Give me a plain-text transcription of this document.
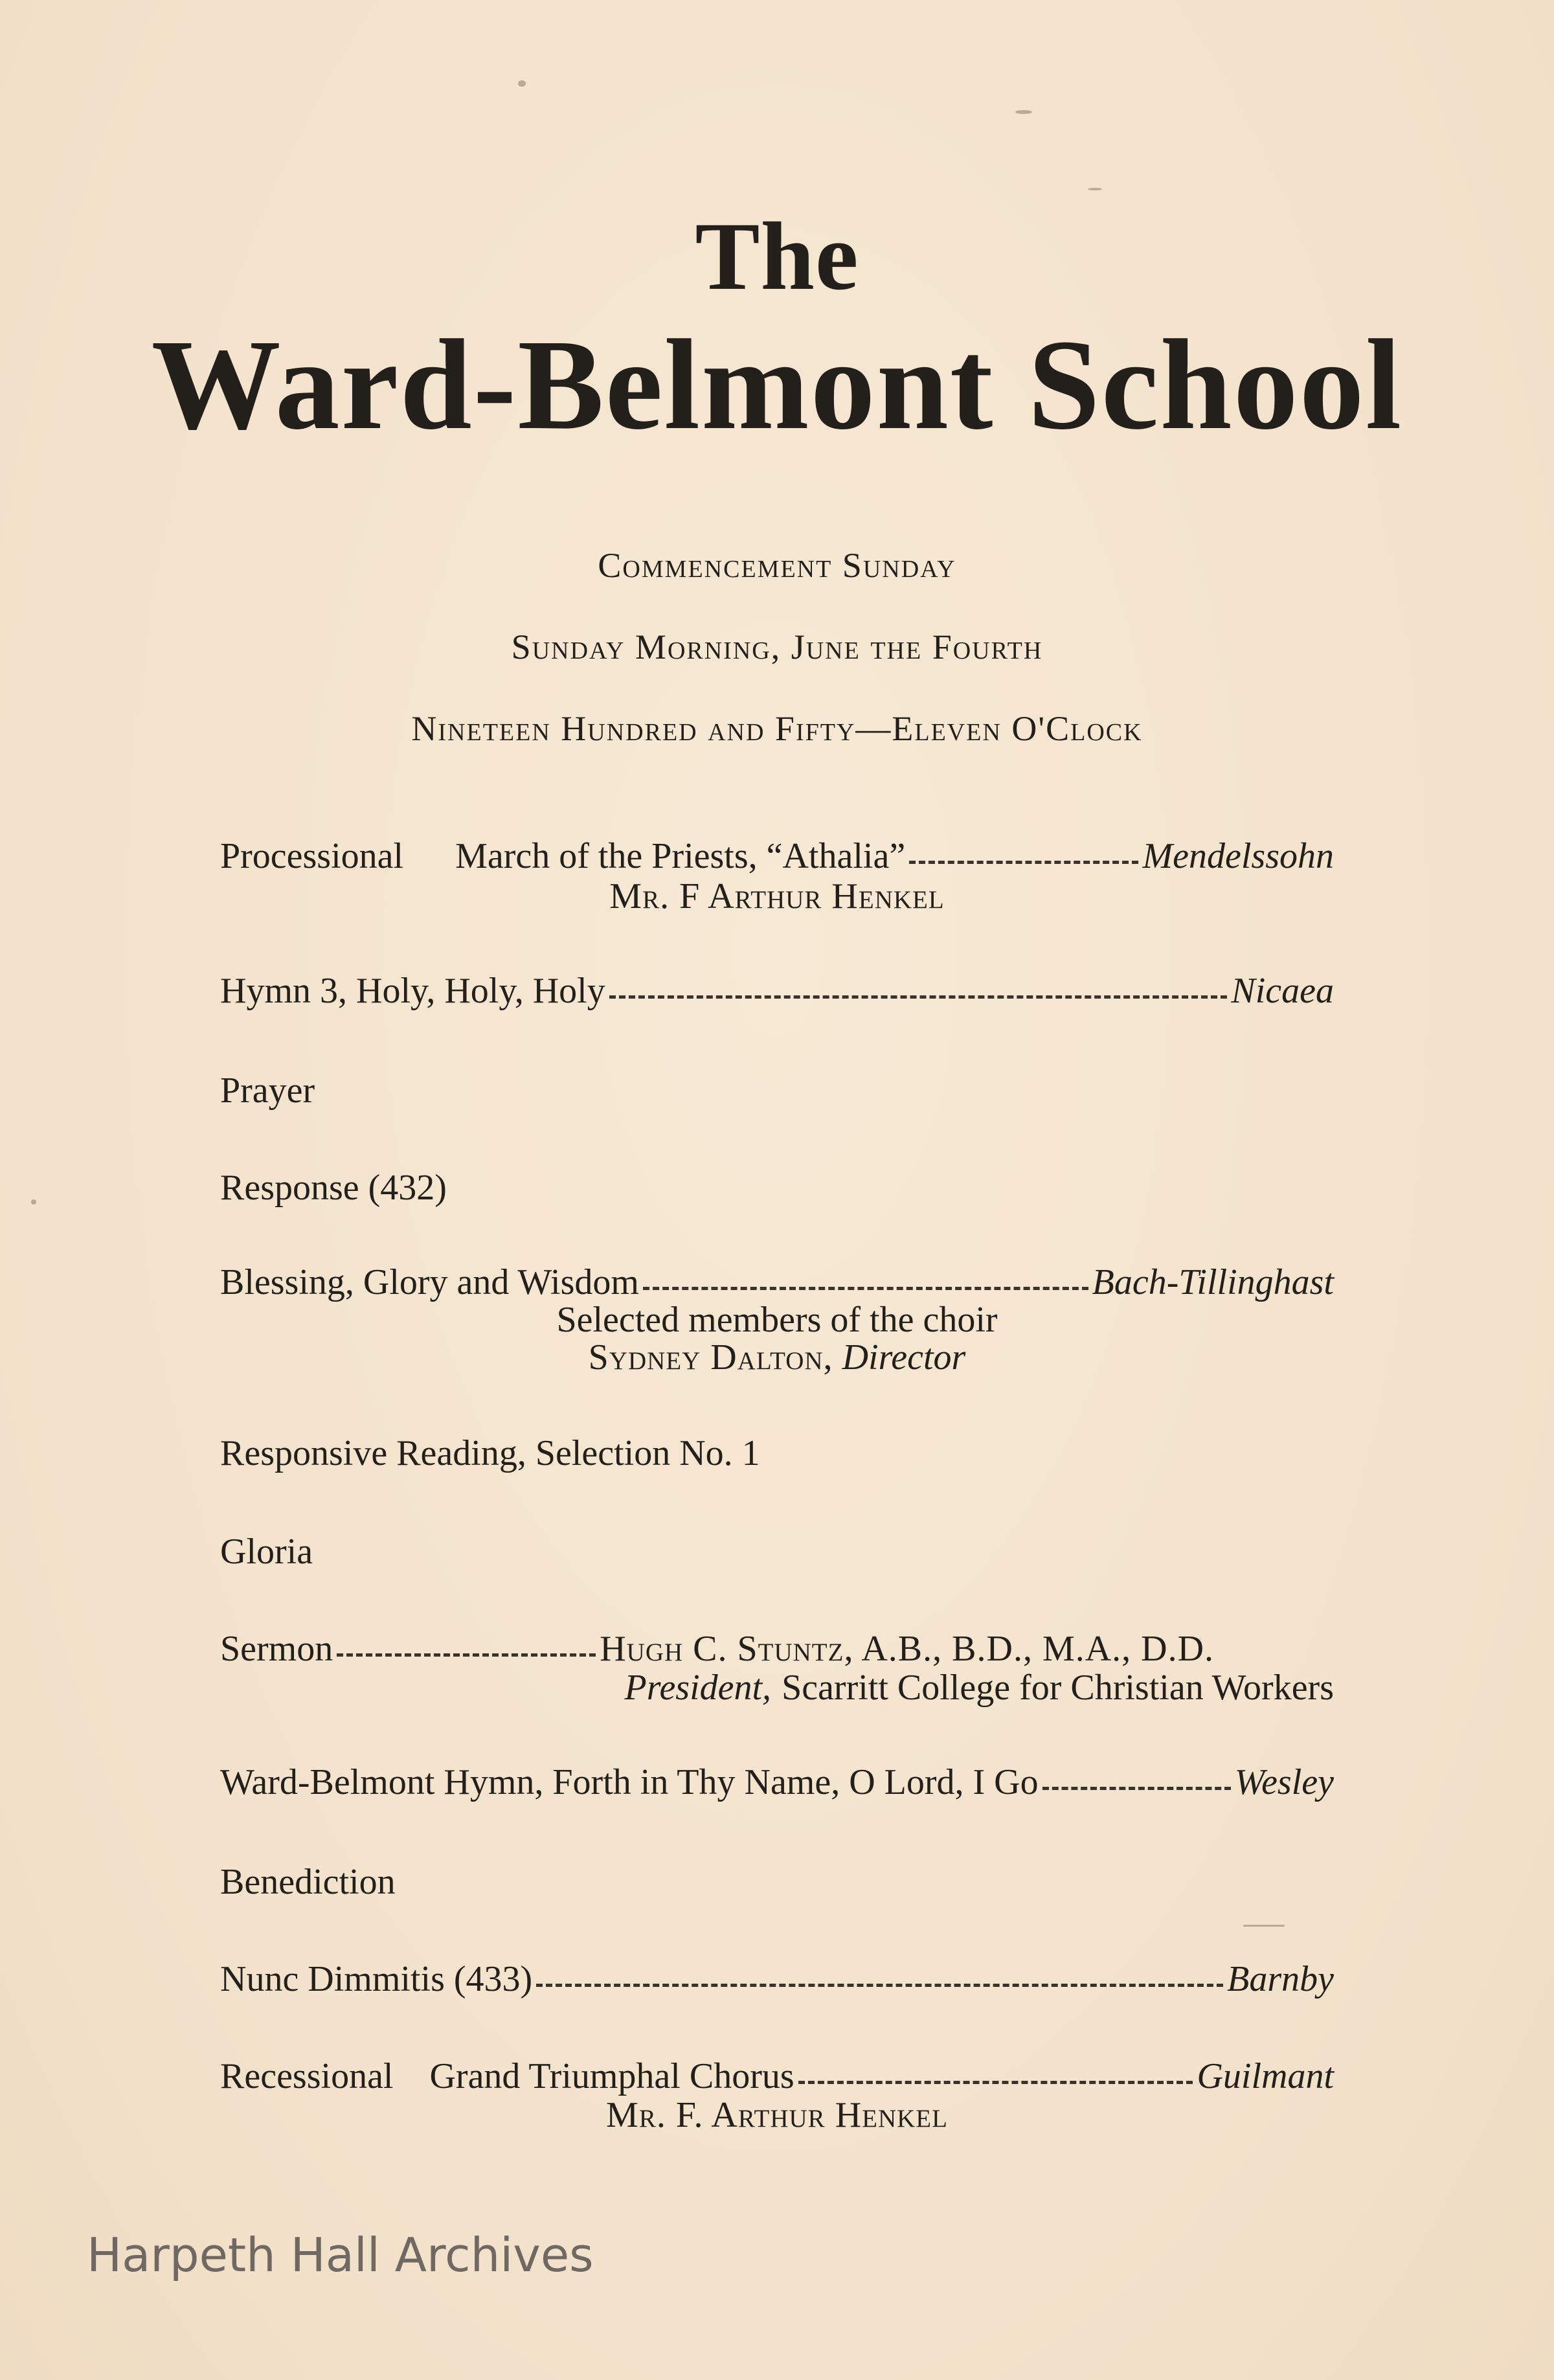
The
Ward-Belmont School
Commencement Sunday
Sunday Morning, June the Fourth
Nineteen Hundred and Fifty—Eleven O'Clock
Processional March of the Priests, “Athalia”	Mendelssohn
Mr. F Arthur Henkel
Hymn 3, Holy, Holy, Holy	Nicaea
Prayer
Response (432)
Blessing, Glory and Wisdom	Bach-Tillinghast
Selected members of the choir
Sydney Dalton, Director
Responsive Reading, Selection No. 1
Gloria
Sermon	Hugh C. Stuntz, A.B., B.D., M.A., D.D.
President, Scarritt College for Christian Workers
Ward-Belmont Hymn, Forth in Thy Name, O Lord, I Go	Wesley
Benediction
Nunc Dimmitis (433)	Barnby
Recessional Grand Triumphal Chorus	Guilmant
Mr. F. Arthur Henkel
Harpeth Hall Archives
